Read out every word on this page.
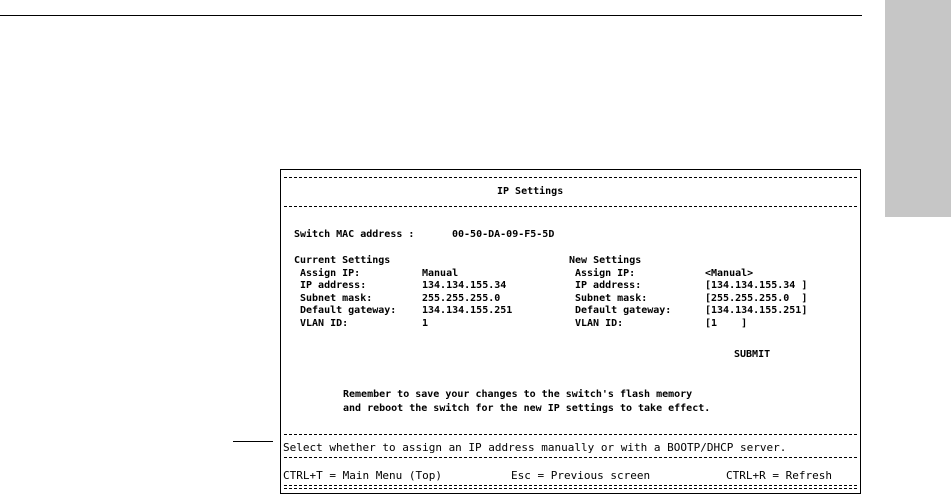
IP Settings
Switch MAC address :	00-50-DA-09-F5-5D
Current Settings
Assign IP:	Manual
IP address:	134.134.155.34
Subnet mask:	255.255.255.0
Default gateway:	134.134.155.251
VLAN ID:	1
New Settings
Assign IP:	<Manual>
IP address:	[134.134.155.34 ]
Subnet mask:	[255.255.255.0  ]
Default gateway:	[134.134.155.251]
VLAN ID:	[1    ]
SUBMIT
Remember to save your changes to the switch's flash memory
and reboot the switch for the new IP settings to take effect.
Select whether to assign an IP address manually or with a BOOTP/DHCP server.
CTRL+T = Main Menu (Top)	Esc = Previous screen	CTRL+R = Refresh
